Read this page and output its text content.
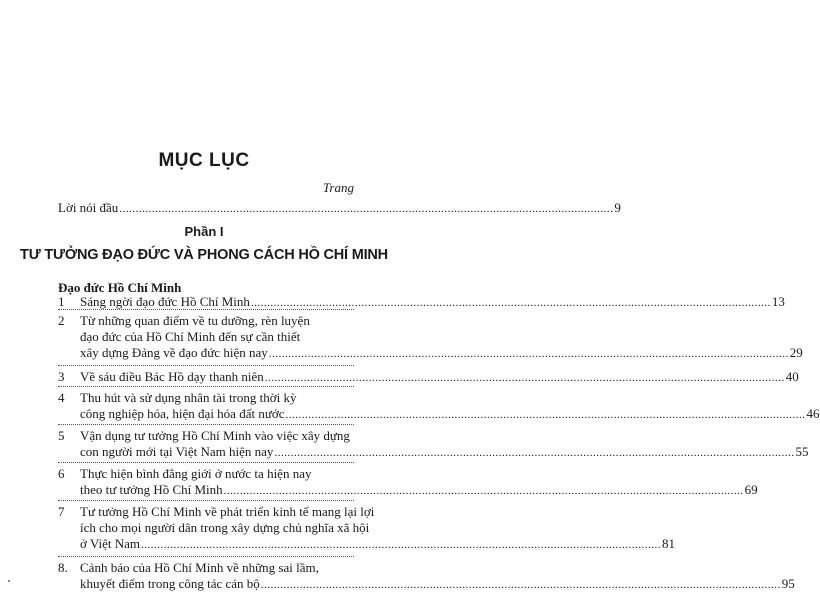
MỤC LỤC
Trang
Lời nói đầu ........................................................................................................................................................ 9
Phần I
TƯ TƯỞNG ĐẠO ĐỨC VÀ PHONG CÁCH HỒ CHÍ MINH
Đạo đức Hồ Chí Minh
1 Sáng ngời đạo đức Hồ Chí Minh ................................................................................................................................................................ 13
2 Từ những quan điểm về tu dưỡng, rèn luyện
đạo đức của Hồ Chí Minh đến sự cần thiết
xây dựng Đảng về đạo đức hiện nay ................................................................................................................................................................ 29
3 Về sáu điều Bác Hồ dạy thanh niên ................................................................................................................................................................ 40
4 Thu hút và sử dụng nhân tài trong thời kỳ
công nghiệp hóa, hiện đại hóa đất nước ................................................................................................................................................................ 46
5 Vận dụng tư tưởng Hồ Chí Minh vào việc xây dựng
con người mới tại Việt Nam hiện nay ................................................................................................................................................................ 55
6 Thực hiện bình đẳng giới ở nước ta hiện nay
theo tư tưởng Hồ Chí Minh ................................................................................................................................................................ 69
7 Tư tưởng Hồ Chí Minh về phát triển kinh tế mang lại lợi
ích cho mọi người dân trong xây dựng chủ nghĩa xã hội
ở Việt Nam ................................................................................................................................................................ 81
8. Cảnh báo của Hồ Chí Minh về những sai lầm,
khuyết điểm trong công tác cán bộ ................................................................................................................................................................ 95
